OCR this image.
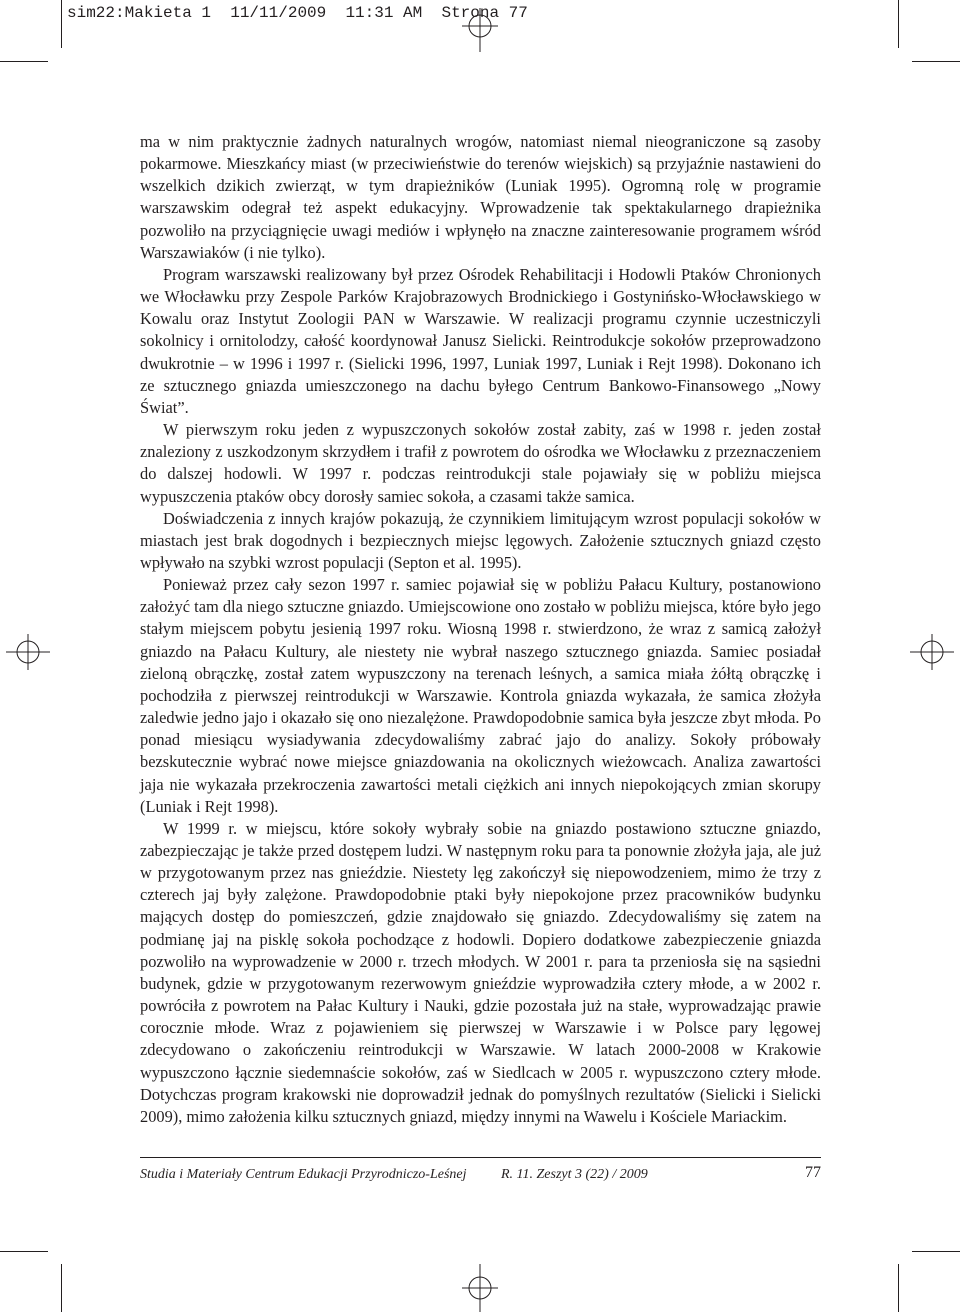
sim22:Makieta 1  11/11/2009  11:31 AM  Strona 77

ma w nim praktycznie żadnych naturalnych wrogów, natomiast niemal nieograniczone są zasoby pokarmowe. Mieszkańcy miast (w przeciwieństwie do terenów wiejskich) są przyjaźnie nastawieni do wszelkich dzikich zwierząt, w tym drapieżników (Luniak 1995). Ogromną rolę w programie warszawskim odegrał też aspekt edukacyjny. Wprowadzenie tak spektakularnego drapieżnika pozwoliło na przyciągnięcie uwagi mediów i wpłynęło na znaczne zainteresowanie programem wśród Warszawiaków (i nie tylko).

Program warszawski realizowany był przez Ośrodek Rehabilitacji i Hodowli Ptaków Chronionych we Włocławku przy Zespole Parków Krajobrazowych Brodnickiego i Gostynińsko-Włocławskiego w Kowalu oraz Instytut Zoologii PAN w Warszawie. W realizacji programu czynnie uczestniczyli sokolnicy i ornitolodzy, całość koordynował Janusz Sielicki. Reintrodukcje sokołów przeprowadzono dwukrotnie – w 1996 i 1997 r. (Sielicki 1996, 1997, Luniak 1997, Luniak i Rejt 1998). Dokonano ich ze sztucznego gniazda umieszczonego na dachu byłego Centrum Bankowo-Finansowego „Nowy Świat”.

W pierwszym roku jeden z wypuszczonych sokołów został zabity, zaś w 1998 r. jeden został znaleziony z uszkodzonym skrzydłem i trafił z powrotem do ośrodka we Włocławku z przeznaczeniem do dalszej hodowli. W 1997 r. podczas reintrodukcji stale pojawiały się w pobliżu miejsca wypuszczenia ptaków obcy dorosły samiec sokoła, a czasami także samica.

Doświadczenia z innych krajów pokazują, że czynnikiem limitującym wzrost populacji sokołów w miastach jest brak dogodnych i bezpiecznych miejsc lęgowych. Założenie sztucznych gniazd często wpływało na szybki wzrost populacji (Septon et al. 1995).

Ponieważ przez cały sezon 1997 r. samiec pojawiał się w pobliżu Pałacu Kultury, postanowiono założyć tam dla niego sztuczne gniazdo. Umiejscowione ono zostało w pobliżu miejsca, które było jego stałym miejscem pobytu jesienią 1997 roku. Wiosną 1998 r. stwierdzono, że wraz z samicą założył gniazdo na Pałacu Kultury, ale niestety nie wybrał naszego sztucznego gniazda. Samiec posiadał zieloną obrączkę, został zatem wypuszczony na terenach leśnych, a samica miała żółtą obrączkę i pochodziła z pierwszej reintrodukcji w Warszawie. Kontrola gniazda wykazała, że samica złożyła zaledwie jedno jajo i okazało się ono niezalężone. Prawdopodobnie samica była jeszcze zbyt młoda. Po ponad miesiącu wysiadywania zdecydowaliśmy zabrać jajo do analizy. Sokoły próbowały bezskutecznie wybrać nowe miejsce gniazdowania na okolicznych wieżowcach. Analiza zawartości jaja nie wykazała przekroczenia zawartości metali ciężkich ani innych niepokojących zmian skorupy (Luniak i Rejt 1998).

W 1999 r. w miejscu, które sokoły wybrały sobie na gniazdo postawiono sztuczne gniazdo, zabezpieczając je także przed dostępem ludzi. W następnym roku para ta ponownie złożyła jaja, ale już w przygotowanym przez nas gnieździe. Niestety lęg zakończył się niepowodzeniem, mimo że trzy z czterech jaj były zalężone. Prawdopodobnie ptaki były niepokojone przez pracowników budynku mających dostęp do pomieszczeń, gdzie znajdowało się gniazdo. Zdecydowaliśmy się zatem na podmianę jaj na pisklę sokoła pochodzące z hodowli. Dopiero dodatkowe zabezpieczenie gniazda pozwoliło na wyprowadzenie w 2000 r. trzech młodych. W 2001 r. para ta przeniosła się na sąsiedni budynek, gdzie w przygotowanym rezerwowym gnieździe wyprowadziła cztery młode, a w 2002 r. powróciła z powrotem na Pałac Kultury i Nauki, gdzie pozostała już na stałe, wyprowadzając prawie corocznie młode. Wraz z pojawieniem się pierwszej w Warszawie i w Polsce pary lęgowej zdecydowano o zakończeniu reintrodukcji w Warszawie. W latach 2000-2008 w Krakowie wypuszczono łącznie siedemnaście sokołów, zaś w Siedlcach w 2005 r. wypuszczono cztery młode. Dotychczas program krakowski nie doprowadził jednak do pomyślnych rezultatów (Sielicki i Sielicki 2009), mimo założenia kilku sztucznych gniazd, między innymi na Wawelu i Kościele Mariackim.

Studia i Materiały Centrum Edukacji Przyrodniczo-Leśnej R. 11. Zeszyt 3 (22) / 2009	77
